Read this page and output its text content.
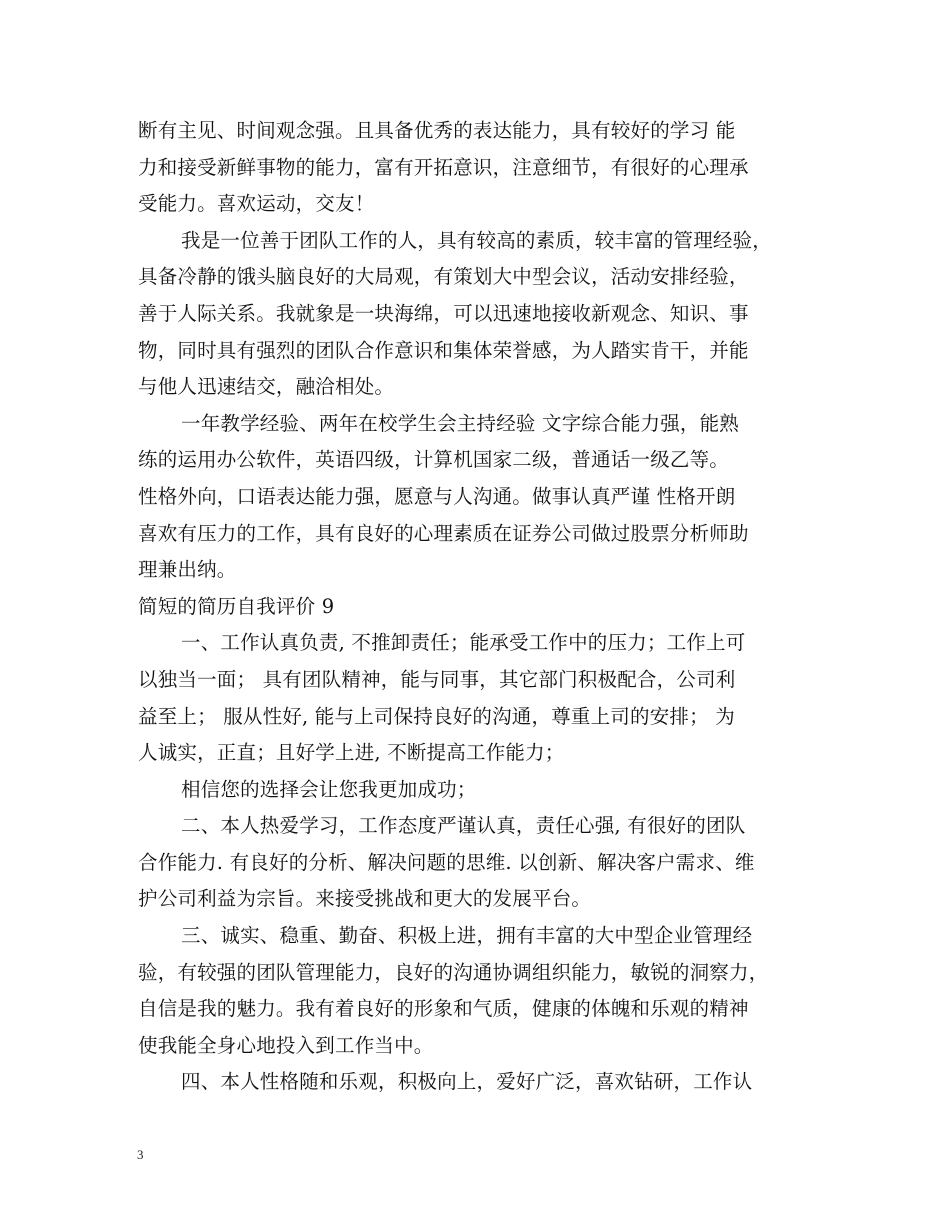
断有主见、时间观念强。且具备优秀的表达能力，具有较好的学习 能
力和接受新鲜事物的能力，富有开拓意识，注意细节，有很好的心理承
受能力。喜欢运动，交友！
我是一位善于团队工作的人，具有较高的素质，较丰富的管理经验，
具备冷静的饿头脑良好的大局观，有策划大中型会议，活动安排经验，
善于人际关系。我就象是一块海绵，可以迅速地接收新观念、知识、事
物，同时具有强烈的团队合作意识和集体荣誉感，为人踏实肯干，并能
与他人迅速结交，融洽相处。
一年教学经验、两年在校学生会主持经验 文字综合能力强，能熟
练的运用办公软件，英语四级，计算机国家二级，普通话一级乙等。
性格外向，口语表达能力强，愿意与人沟通。做事认真严谨 性格开朗
喜欢有压力的工作，具有良好的心理素质在证券公司做过股票分析师助
理兼出纳。
简短的简历自我评价 9
一、工作认真负责, 不推卸责任；能承受工作中的压力；工作上可
以独当一面； 具有团队精神，能与同事，其它部门积极配合，公司利
益至上； 服从性好, 能与上司保持良好的沟通，尊重上司的安排； 为
人诚实，正直；且好学上进, 不断提高工作能力；
相信您的选择会让您我更加成功；
二、本人热爱学习，工作态度严谨认真，责任心强, 有很好的团队
合作能力. 有良好的分析、解决问题的思维. 以创新、解决客户需求、维
护公司利益为宗旨。来接受挑战和更大的发展平台。
三、诚实、稳重、勤奋、积极上进，拥有丰富的大中型企业管理经
验，有较强的团队管理能力，良好的沟通协调组织能力，敏锐的洞察力，
自信是我的魅力。我有着良好的形象和气质，健康的体魄和乐观的精神
使我能全身心地投入到工作当中。
四、本人性格随和乐观，积极向上，爱好广泛，喜欢钻研，工作认
3
